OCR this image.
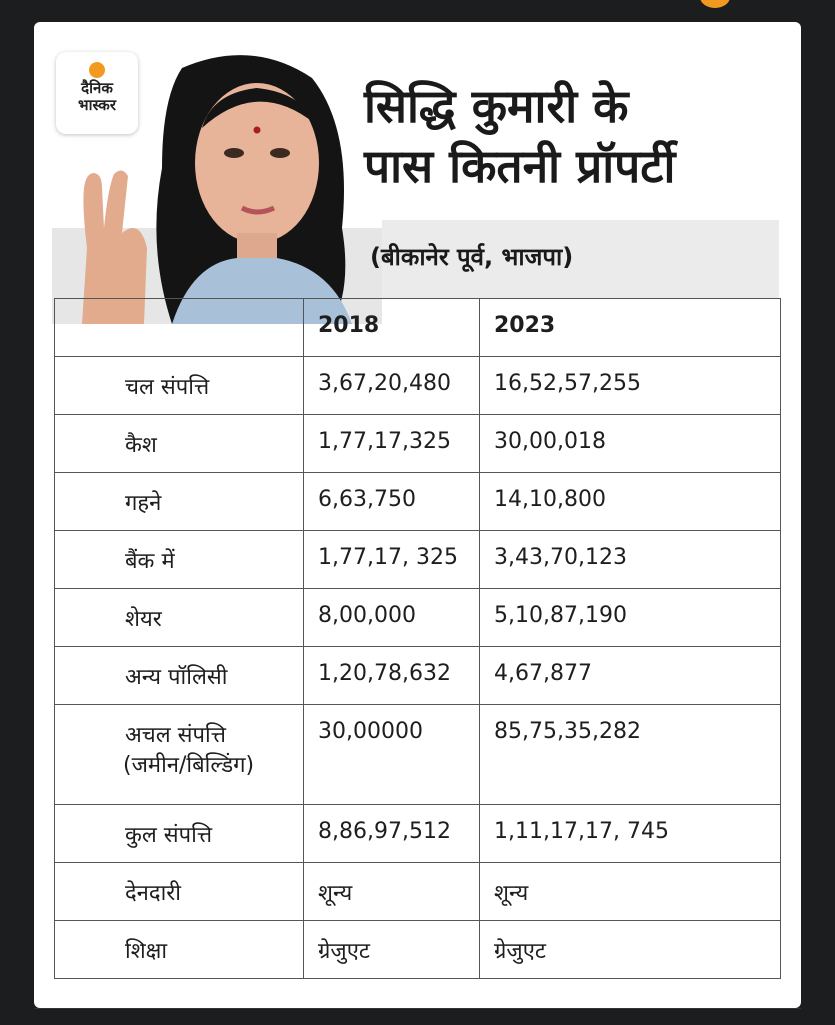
दैनिक
भास्कर	सिद्धि कुमारी के
पास कितनी प्रॉपर्टी
(बीकानेर पूर्व, भाजपा)
	2018	2023
चल संपत्ति	3,67,20,480	16,52,57,255
कैश	1,77,17,325	30,00,018
गहने	6,63,750	14,10,800
बैंक में	1,77,17, 325	3,43,70,123
शेयर	8,00,000	5,10,87,190
अन्य पॉलिसी	1,20,78,632	4,67,877

अचल संपत्ति
(जमीन/बिल्डिंग)	30,00000	85,75,35,282
कुल संपत्ति	8,86,97,512	1,11,17,17, 745
देनदारी	शून्य	शून्य
शिक्षा	ग्रेजुएट	ग्रेजुएट
